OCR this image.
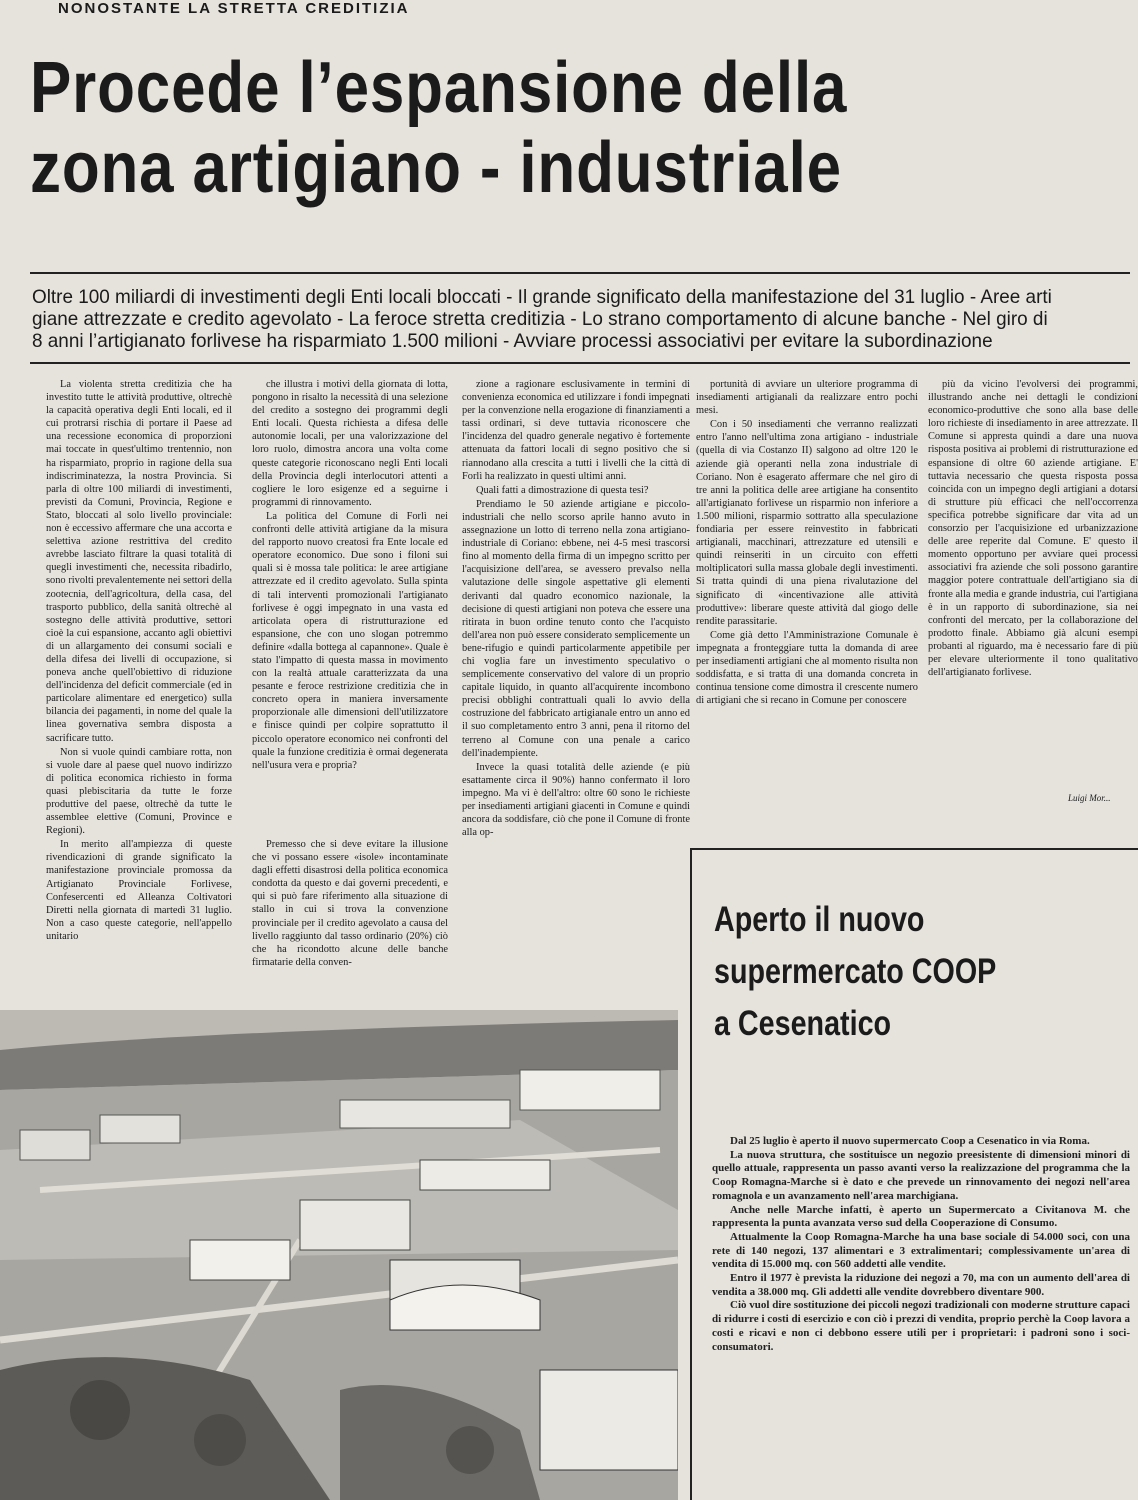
NONOSTANTE LA STRETTA CREDITIZIA
Procede l’espansione della
zona artigiano - industriale
Oltre 100 miliardi di investimenti degli Enti locali bloccati - Il grande significato della manifestazione del 31 luglio - Aree arti
giane attrezzate e credito agevolato - La feroce stretta creditizia - Lo strano comportamento di alcune banche - Nel giro di
8 anni l’artigianato forlivese ha risparmiato 1.500 milioni - Avviare processi associativi per evitare la subordinazione

La violenta stretta creditizia che ha investito tutte le attività produttive, oltrechè la capacità operativa degli Enti locali, ed il cui protrarsi rischia di portare il Paese ad una recessione economica di proporzioni mai toccate in quest'ultimo trentennio, non ha risparmiato, proprio in ragione della sua indiscriminatezza, la nostra Provincia. Si parla di oltre 100 miliardi di investimenti, previsti da Comuni, Provincia, Regione e Stato, bloccati al solo livello provinciale: non è eccessivo affermare che una accorta e selettiva azione restrittiva del credito avrebbe lasciato filtrare la quasi totalità di quegli investimenti che, necessita ribadirlo, sono rivolti prevalentemente nei settori della zootecnia, dell'agricoltura, della casa, del trasporto pubblico, della sanità oltrechè al sostegno delle attività produttive, settori cioè la cui espansione, accanto agli obiettivi di un allargamento dei consumi sociali e della difesa dei livelli di occupazione, si poneva anche quell'obiettivo di riduzione dell'incidenza del deficit commerciale (ed in particolare alimentare ed energetico) sulla bilancia dei pagamenti, in nome del quale la linea governativa sembra disposta a sacrificare tutto.

Non si vuole quindi cambiare rotta, non si vuole dare al paese quel nuovo indirizzo di politica economica richiesto in forma quasi plebiscitaria da tutte le forze produttive del paese, oltrechè da tutte le assemblee elettive (Comuni, Province e Regioni).

In merito all'ampiezza di queste rivendicazioni di grande significato la manifestazione provinciale promossa da Artigianato Provinciale Forlivese, Confesercenti ed Alleanza Coltivatori Diretti nella giornata di martedì 31 luglio. Non a caso queste categorie, nell'appello unitario

che illustra i motivi della giornata di lotta, pongono in risalto la necessità di una selezione del credito a sostegno dei programmi degli Enti locali. Questa richiesta a difesa delle autonomie locali, per una valorizzazione del loro ruolo, dimostra ancora una volta come queste categorie riconoscano negli Enti locali della Provincia degli interlocutori attenti a cogliere le loro esigenze ed a seguirne i programmi di rinnovamento.

La politica del Comune di Forlì nei confronti delle attività artigiane da la misura del rapporto nuovo creatosi fra Ente locale ed operatore economico. Due sono i filoni sui quali si è mossa tale politica: le aree artigiane attrezzate ed il credito agevolato. Sulla spinta di tali interventi promozionali l'artigianato forlivese è oggi impegnato in una vasta ed articolata opera di ristrutturazione ed espansione, che con uno slogan potremmo definire «dalla bottega al capannone». Quale è stato l'impatto di questa massa in movimento con la realtà attuale caratterizzata da una pesante e feroce restrizione creditizia che in concreto opera in maniera inversamente proporzionale alle dimensioni dell'utilizzatore e finisce quindi per colpire soprattutto il piccolo operatore economico nei confronti del quale la funzione creditizia è ormai degenerata nell'usura vera e propria?

Premesso che si deve evitare la illusione che vi possano essere «isole» incontaminate dagli effetti disastrosi della politica economica condotta da questo e dai governi precedenti, e qui si può fare riferimento alla situazione di stallo in cui si trova la convenzione provinciale per il credito agevolato a causa del livello raggiunto dal tasso ordinario (20%) ciò che ha ricondotto alcune delle banche firmatarie della conven-

zione a ragionare esclusivamente in termini di convenienza economica ed utilizzare i fondi impegnati per la convenzione nella erogazione di finanziamenti a tassi ordinari, si deve tuttavia riconoscere che l'incidenza del quadro generale negativo è fortemente attenuata da fattori locali di segno positivo che si riannodano alla crescita a tutti i livelli che la città di Forlì ha realizzato in questi ultimi anni.

Quali fatti a dimostrazione di questa tesi?

Prendiamo le 50 aziende artigiane e piccolo-industriali che nello scorso aprile hanno avuto in assegnazione un lotto di terreno nella zona artigiano-industriale di Coriano: ebbene, nei 4-5 mesi trascorsi fino al momento della firma di un impegno scritto per l'acquisizione dell'area, se avessero prevalso nella valutazione delle singole aspettative gli elementi derivanti dal quadro economico nazionale, la decisione di questi artigiani non poteva che essere una ritirata in buon ordine tenuto conto che l'acquisto dell'area non può essere considerato semplicemente un bene-rifugio e quindi particolarmente appetibile per chi voglia fare un investimento speculativo o semplicemente conservativo del valore di un proprio capitale liquido, in quanto all'acquirente incombono precisi obblighi contrattuali quali lo avvio della costruzione del fabbricato artigianale entro un anno ed il suo completamento entro 3 anni, pena il ritorno del terreno al Comune con una penale a carico dell'inadempiente.

Invece la quasi totalità delle aziende (e più esattamente circa il 90%) hanno confermato il loro impegno. Ma vi è dell'altro: oltre 60 sono le richieste per insediamenti artigiani giacenti in Comune e quindi ancora da soddisfare, ciò che pone il Comune di fronte alla op-

portunità di avviare un ulteriore programma di insediamenti artigianali da realizzare entro pochi mesi.

Con i 50 insediamenti che verranno realizzati entro l'anno nell'ultima zona artigiano - industriale (quella di via Costanzo II) salgono ad oltre 120 le aziende già operanti nella zona industriale di Coriano. Non è esagerato affermare che nel giro di tre anni la politica delle aree artigiane ha consentito all'artigianato forlivese un risparmio non inferiore a 1.500 milioni, risparmio sottratto alla speculazione fondiaria per essere reinvestito in fabbricati artigianali, macchinari, attrezzature ed utensili e quindi reinseriti in un circuito con effetti moltiplicatori sulla massa globale degli investimenti. Si tratta quindi di una piena rivalutazione del significato di «incentivazione alle attività produttive»: liberare queste attività dal giogo delle rendite parassitarie.

Come già detto l'Amministrazione Comunale è impegnata a fronteggiare tutta la domanda di aree per insediamenti artigiani che al momento risulta non soddisfatta, e si tratta di una domanda concreta in continua tensione come dimostra il crescente numero di artigiani che si recano in Comune per conoscere

più da vicino l'evolversi dei programmi, illustrando anche nei dettagli le condizioni economico-produttive che sono alla base delle loro richieste di insediamento in aree attrezzate. Il Comune si appresta quindi a dare una nuova risposta positiva ai problemi di ristrutturazione ed espansione di oltre 60 aziende artigiane. E' tuttavia necessario che questa risposta possa coincida con un impegno degli artigiani a dotarsi di strutture più efficaci che nell'occorrenza specifica potrebbe significare dar vita ad un consorzio per l'acquisizione ed urbanizzazione delle aree reperite dal Comune. E' questo il momento opportuno per avviare quei processi associativi fra aziende che soli possono garantire maggior potere contrattuale dell'artigiano sia di fronte alla media e grande industria, cui l'artigiana è in un rapporto di subordinazione, sia nei confronti del mercato, per la collaborazione del prodotto finale. Abbiamo già alcuni esempi probanti al riguardo, ma è necessario fare di più per elevare ulteriormente il tono qualitativo dell'artigianato forlivese.

Luigi Mor...
Aperto il nuovo
supermercato COOP
a Cesenatico

Dal 25 luglio è aperto il nuovo supermercato Coop a Cesenatico in via Roma.

La nuova struttura, che sostituisce un negozio preesistente di dimensioni minori di quello attuale, rappresenta un passo avanti verso la realizzazione del programma che la Coop Romagna-Marche si è dato e che prevede un rinnovamento dei negozi nell'area romagnola e un avanzamento nell'area marchigiana.

Anche nelle Marche infatti, è aperto un Supermercato a Civitanova M. che rappresenta la punta avanzata verso sud della Cooperazione di Consumo.

Attualmente la Coop Romagna-Marche ha una base sociale di 54.000 soci, con una rete di 140 negozi, 137 alimentari e 3 extralimentari; complessivamente un'area di vendita di 15.000 mq. con 560 addetti alle vendite.

Entro il 1977 è prevista la riduzione dei negozi a 70, ma con un aumento dell'area di vendita a 38.000 mq. Gli addetti alle vendite dovrebbero diventare 900.

Ciò vuol dire sostituzione dei piccoli negozi tradizionali con moderne strutture capaci di ridurre i costi di esercizio e con ciò i prezzi di vendita, proprio perchè la Coop lavora a costi e ricavi e non ci debbono essere utili per i proprietari: i padroni sono i soci-consumatori.
